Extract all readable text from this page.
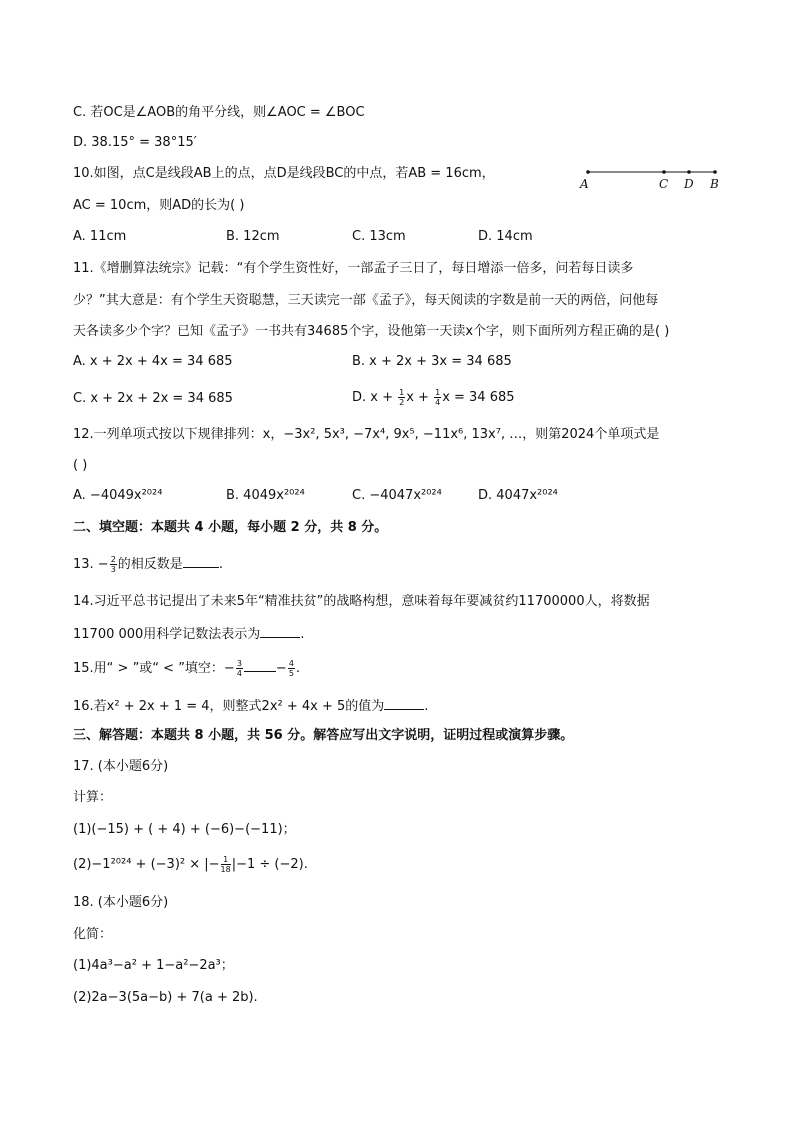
C. 若OC是∠AOB的角平分线，则∠AOC = ∠BOC
D. 38.15° = 38°15′
10.如图，点C是线段AB上的点，点D是线段BC的中点，若AB = 16cm，
AC = 10cm，则AD的长为( )
A	C D B
A. 11cm	B. 12cm	C. 13cm	D. 14cm
11.《增删算法统宗》记载：“有个学生资性好，一部孟子三日了，每日增添一倍多，问若每日读多
少？”其大意是：有个学生天资聪慧，三天读完一部《孟子》，每天阅读的字数是前一天的两倍，问他每
天各读多少个字？已知《孟子》一书共有34685个字，设他第一天读x个字，则下面所列方程正确的是( )
A. x + 2x + 4x = 34 685	B. x + 2x + 3x = 34 685
C. x + 2x + 2x = 34 685	D. $x + \frac{1}{2}$ $x + \frac{1}{4}$ x = 34 685
12.一列单项式按以下规律排列：x，−3x², 5x³, −7x⁴, 9x⁵, −11x⁶, 13x⁷, …，则第2024个单项式是
( )
A. −4049x²⁰²⁴	B. 4049x²⁰²⁴	C. −4047x²⁰²⁴	D. 4047x²⁰²⁴
二、填空题：本题共 4 小题，每小题 2 分，共 8 分。
13. − $\frac{2}{3}$ 的相反数是	.
14.习近平总书记提出了未来5年“精准扶贫”的战略构想，意味着每年要减贫约11700000人，将数据
11700 000用科学记数法表示为	.
15.用“ > ”或“ < ”填空：− $\frac{3}{4}$	− $\frac{4}{5}$ .
16.若x² + 2x + 1 = 4，则整式2x² + 4x + 5的值为	.
三、解答题：本题共 8 小题，共 56 分。解答应写出文字说明，证明过程或演算步骤。
17. (本小题6分)
计算：
(1)(−15) + ( + 4) + (−6)−(−11)；
(2)−1²⁰²⁴ + (−3)² × |− $\frac{1}{18} |-1 \div (-2)$.
18. (本小题6分)
化简：
(1)4a³−a² + 1−a²−2a³；
(2)2a−3(5a−b) + 7(a + 2b).
